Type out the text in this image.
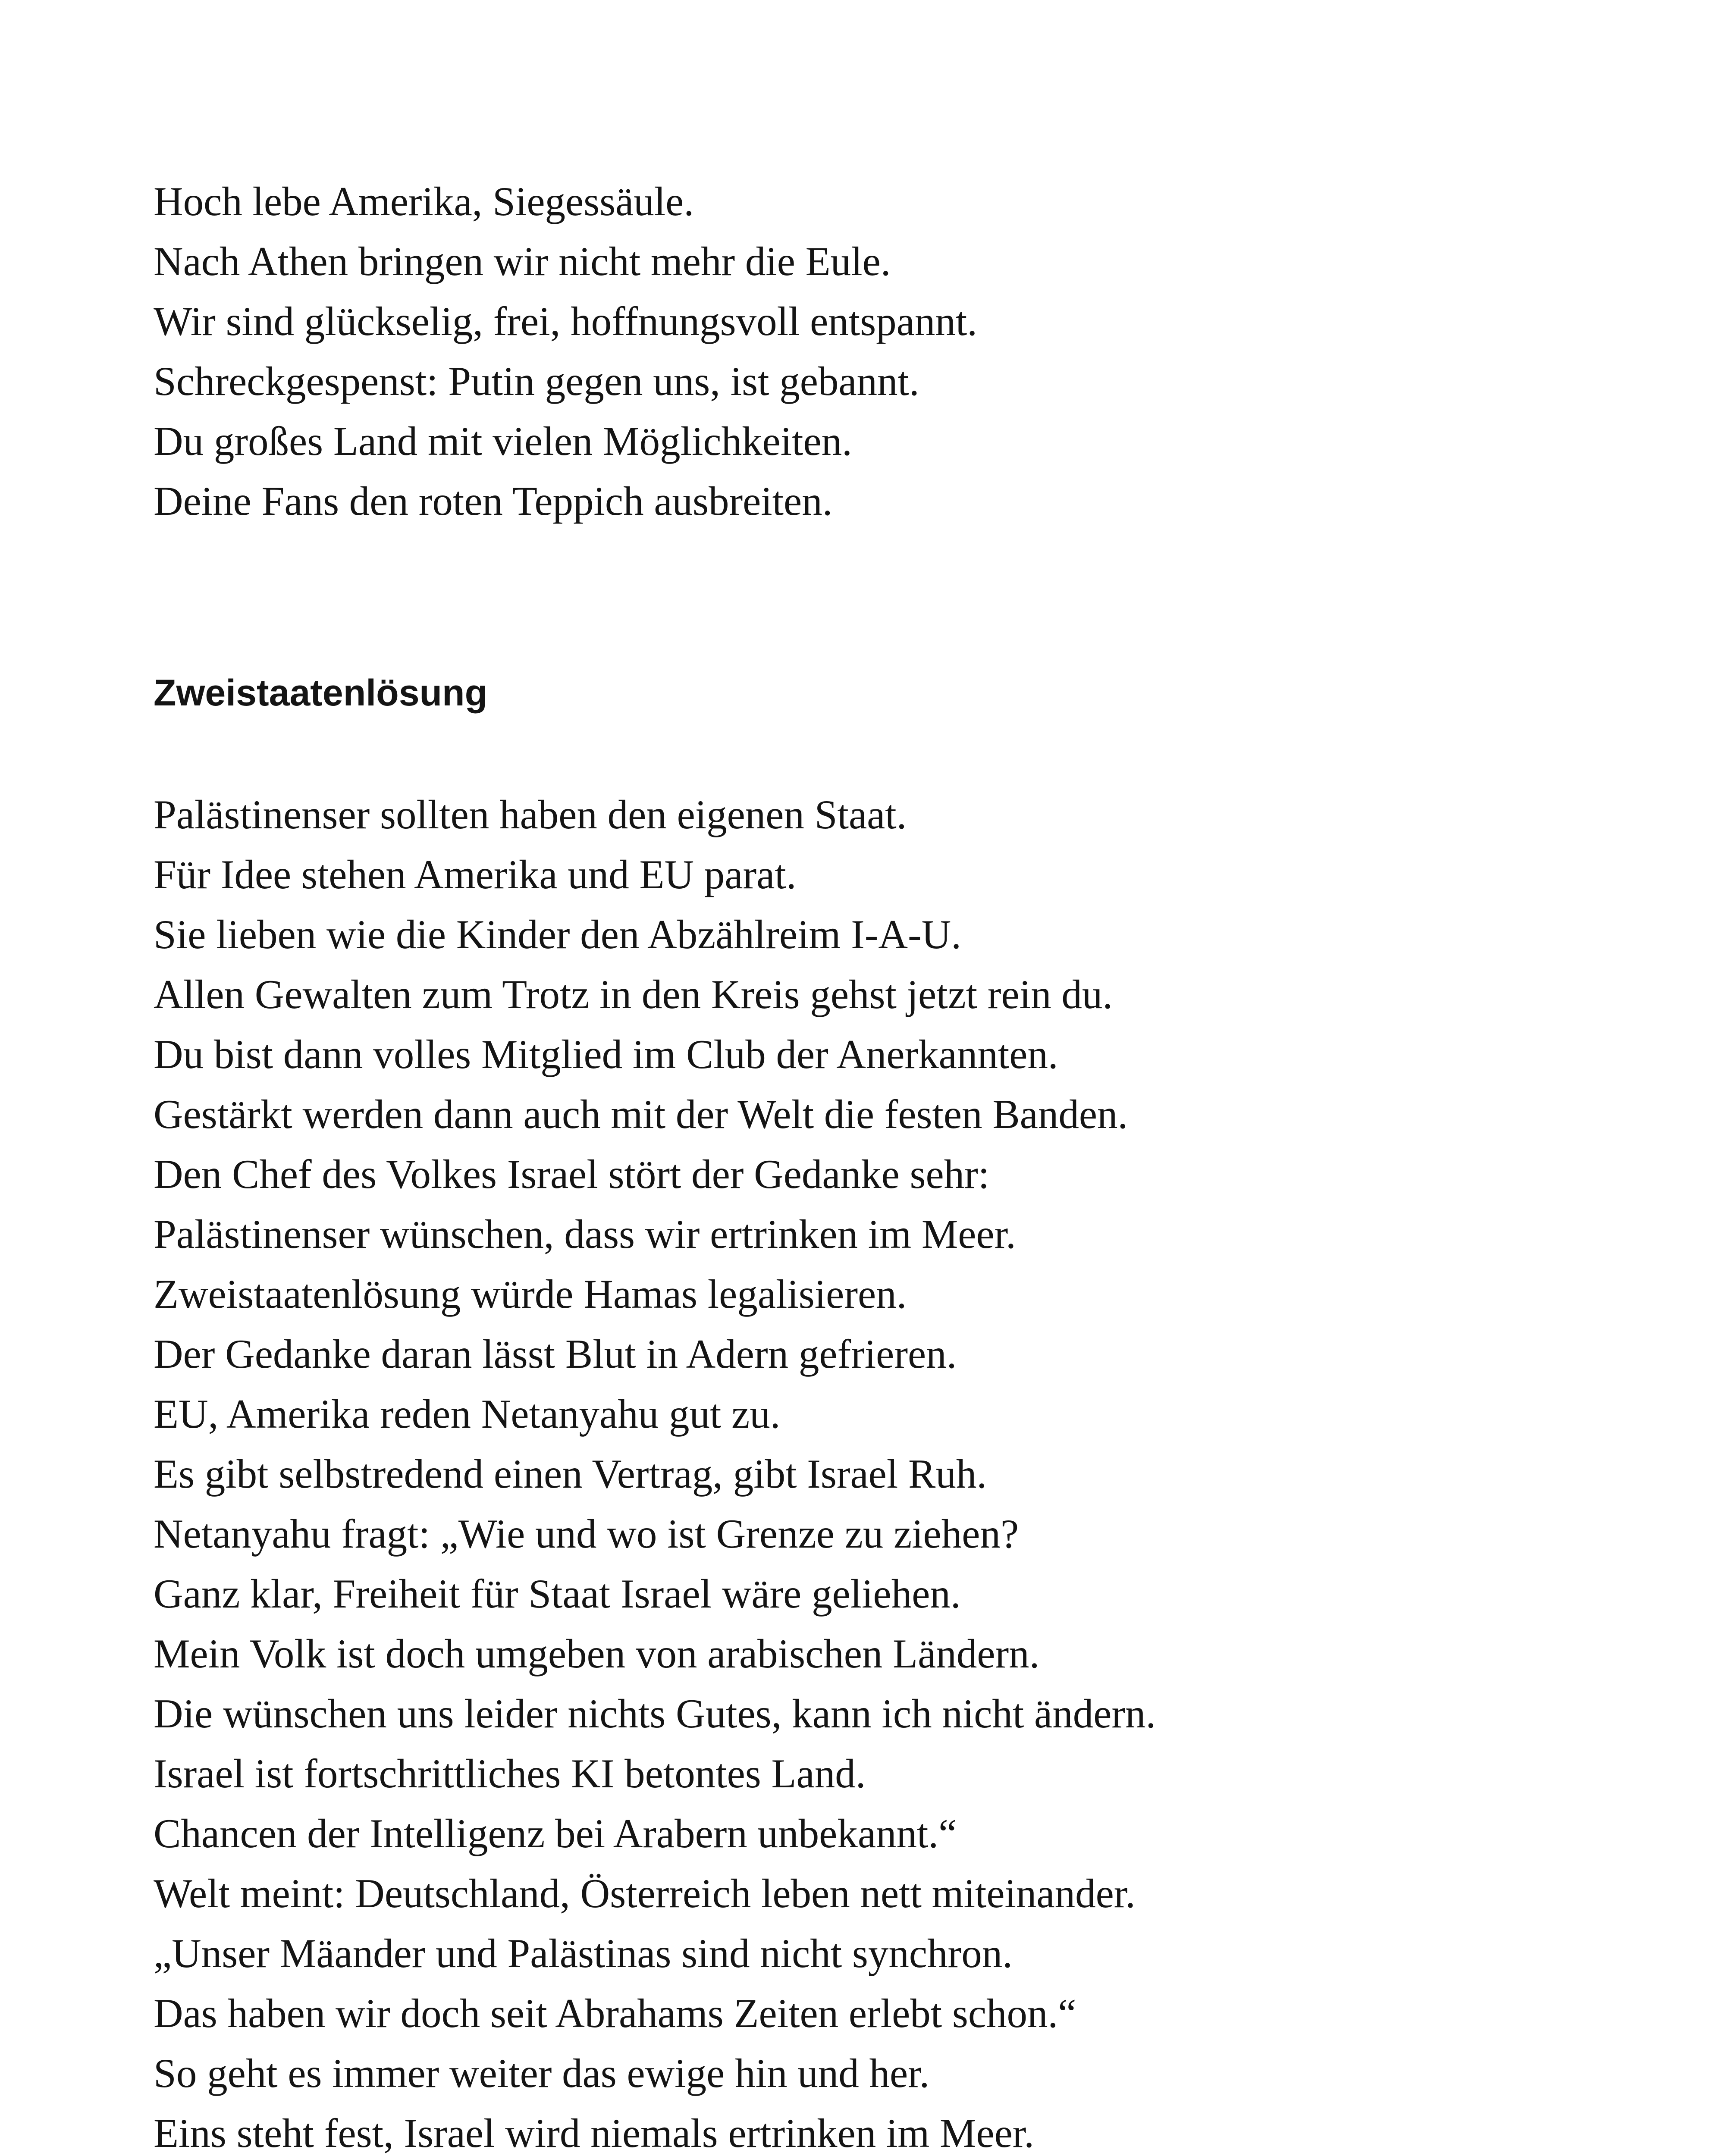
Hoch lebe Amerika, Siegessäule.
Nach Athen bringen wir nicht mehr die Eule.
Wir sind glückselig, frei, hoffnungsvoll entspannt.
Schreckgespenst: Putin gegen uns, ist gebannt.
Du großes Land mit vielen Möglichkeiten.
Deine Fans den roten Teppich ausbreiten.
Zweistaatenlösung
Palästinenser sollten haben den eigenen Staat.
Für Idee stehen Amerika und EU parat.
Sie lieben wie die Kinder den Abzählreim I-A-U.
Allen Gewalten zum Trotz in den Kreis gehst jetzt rein du.
Du bist dann volles Mitglied im Club der Anerkannten.
Gestärkt werden dann auch mit der Welt die festen Banden.
Den Chef des Volkes Israel stört der Gedanke sehr:
Palästinenser wünschen, dass wir ertrinken im Meer.
Zweistaatenlösung würde Hamas legalisieren.
Der Gedanke daran lässt Blut in Adern gefrieren.
EU, Amerika reden Netanyahu gut zu.
Es gibt selbstredend einen Vertrag, gibt Israel Ruh.
Netanyahu fragt: „Wie und wo ist Grenze zu ziehen?
Ganz klar, Freiheit für Staat Israel wäre geliehen.
Mein Volk ist doch umgeben von arabischen Ländern.
Die wünschen uns leider nichts Gutes, kann ich nicht ändern.
Israel ist fortschrittliches KI betontes Land.
Chancen der Intelligenz bei Arabern unbekannt.“
Welt meint: Deutschland, Österreich leben nett miteinander.
„Unser Mäander und Palästinas sind nicht synchron.
Das haben wir doch seit Abrahams Zeiten erlebt schon.“
So geht es immer weiter das ewige hin und her.
Eins steht fest, Israel wird niemals ertrinken im Meer.
